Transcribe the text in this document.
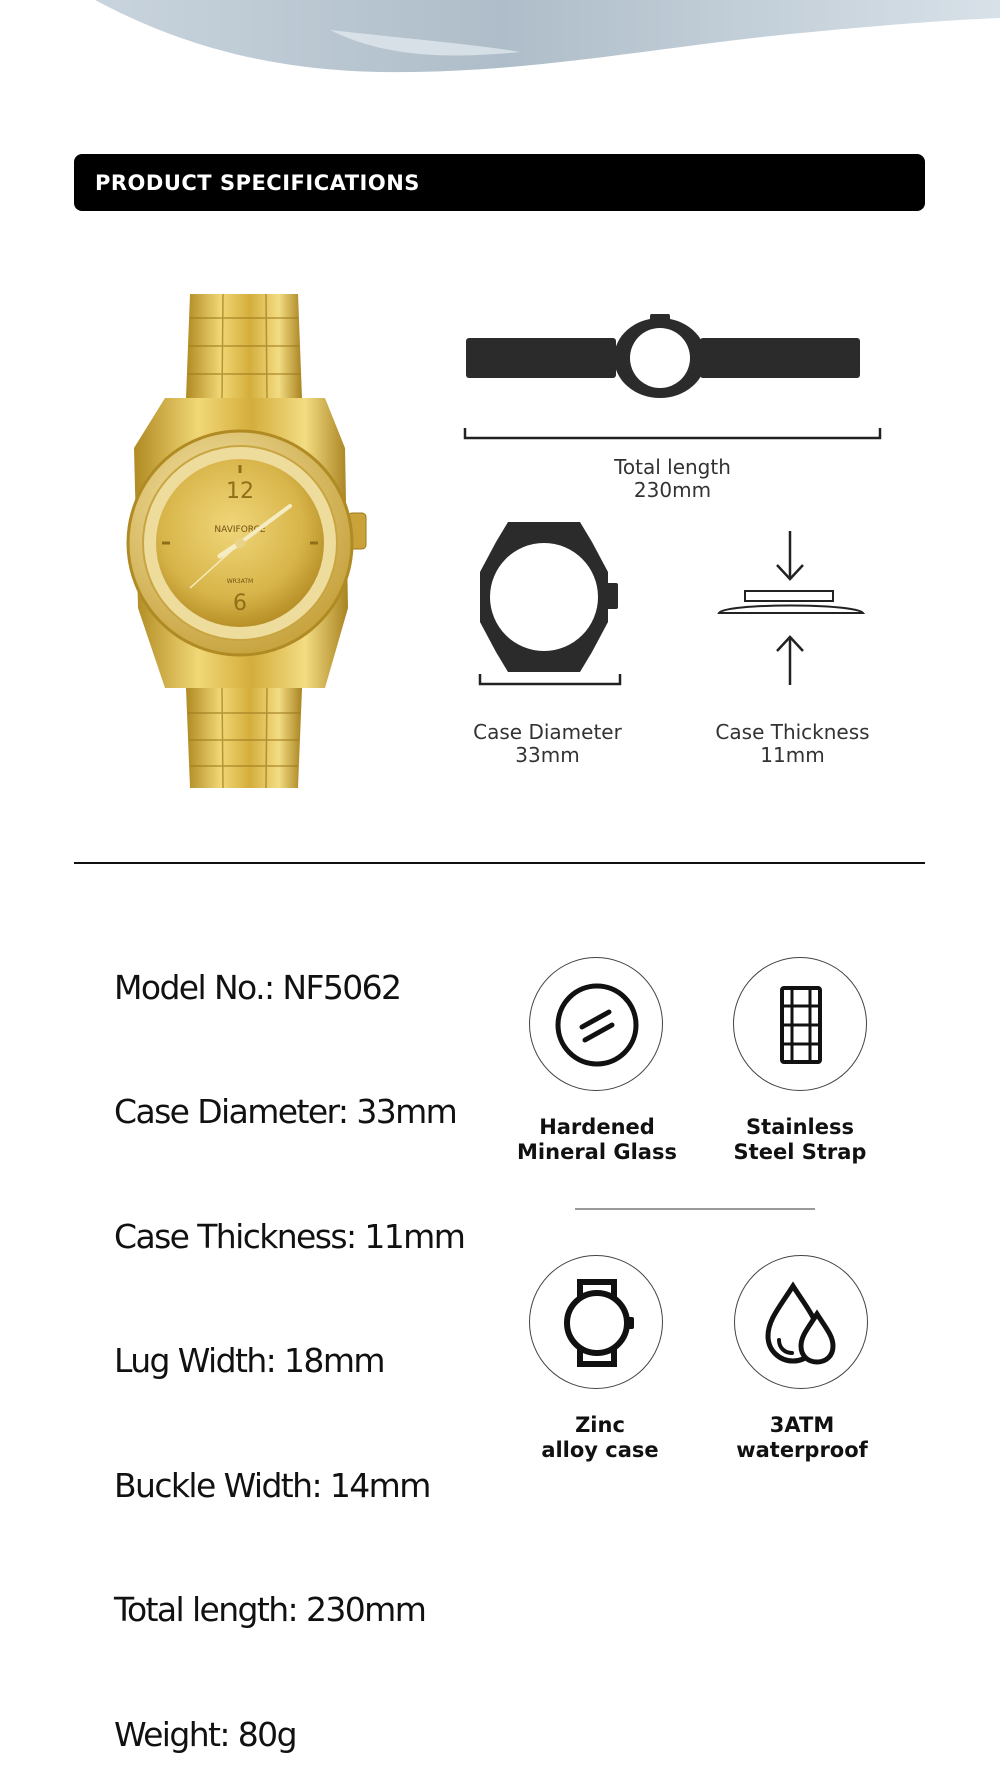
PRODUCT SPECIFICATIONS
12
6
NAVIFORCE
WR3ATM
Total length
230mm
Case Diameter
33mm
Case Thickness
11mm
Model No.: NF5062
Case Diameter: 33mm
Case Thickness: 11mm
Lug Width: 18mm
Buckle Width: 14mm
Total length: 230mm
Weight: 80g
Hardened
Mineral Glass
Stainless
Steel Strap
Zinc
alloy case
3ATM
waterproof
